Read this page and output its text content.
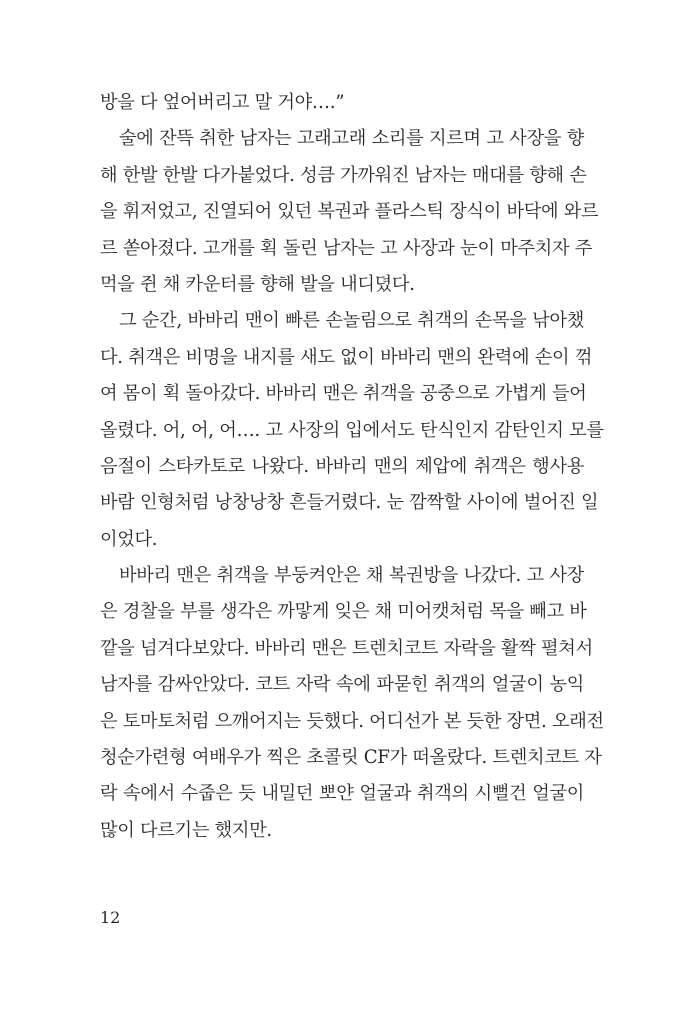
방을 다 엎어버리고 말 거야….”
술에 잔뜩 취한 남자는 고래고래 소리를 지르며 고 사장을 향
해 한발 한발 다가붙었다. 성큼 가까워진 남자는 매대를 향해 손
을 휘저었고, 진열되어 있던 복권과 플라스틱 장식이 바닥에 와르
르 쏟아졌다. 고개를 획 돌린 남자는 고 사장과 눈이 마주치자 주
먹을 쥔 채 카운터를 향해 발을 내디뎠다.
그 순간, 바바리 맨이 빠른 손놀림으로 취객의 손목을 낚아챘
다. 취객은 비명을 내지를 새도 없이 바바리 맨의 완력에 손이 꺾
여 몸이 획 돌아갔다. 바바리 맨은 취객을 공중으로 가볍게 들어
올렸다. 어, 어, 어…. 고 사장의 입에서도 탄식인지 감탄인지 모를
음절이 스타카토로 나왔다. 바바리 맨의 제압에 취객은 행사용
바람 인형처럼 낭창낭창 흔들거렸다. 눈 깜짝할 사이에 벌어진 일
이었다.
바바리 맨은 취객을 부둥켜안은 채 복권방을 나갔다. 고 사장
은 경찰을 부를 생각은 까맣게 잊은 채 미어캣처럼 목을 빼고 바
깥을 넘겨다보았다. 바바리 맨은 트렌치코트 자락을 활짝 펼쳐서
남자를 감싸안았다. 코트 자락 속에 파묻힌 취객의 얼굴이 농익
은 토마토처럼 으깨어지는 듯했다. 어디선가 본 듯한 장면. 오래전
청순가련형 여배우가 찍은 초콜릿 CF가 떠올랐다. 트렌치코트 자
락 속에서 수줍은 듯 내밀던 뽀얀 얼굴과 취객의 시뻘건 얼굴이
많이 다르기는 했지만.
12
